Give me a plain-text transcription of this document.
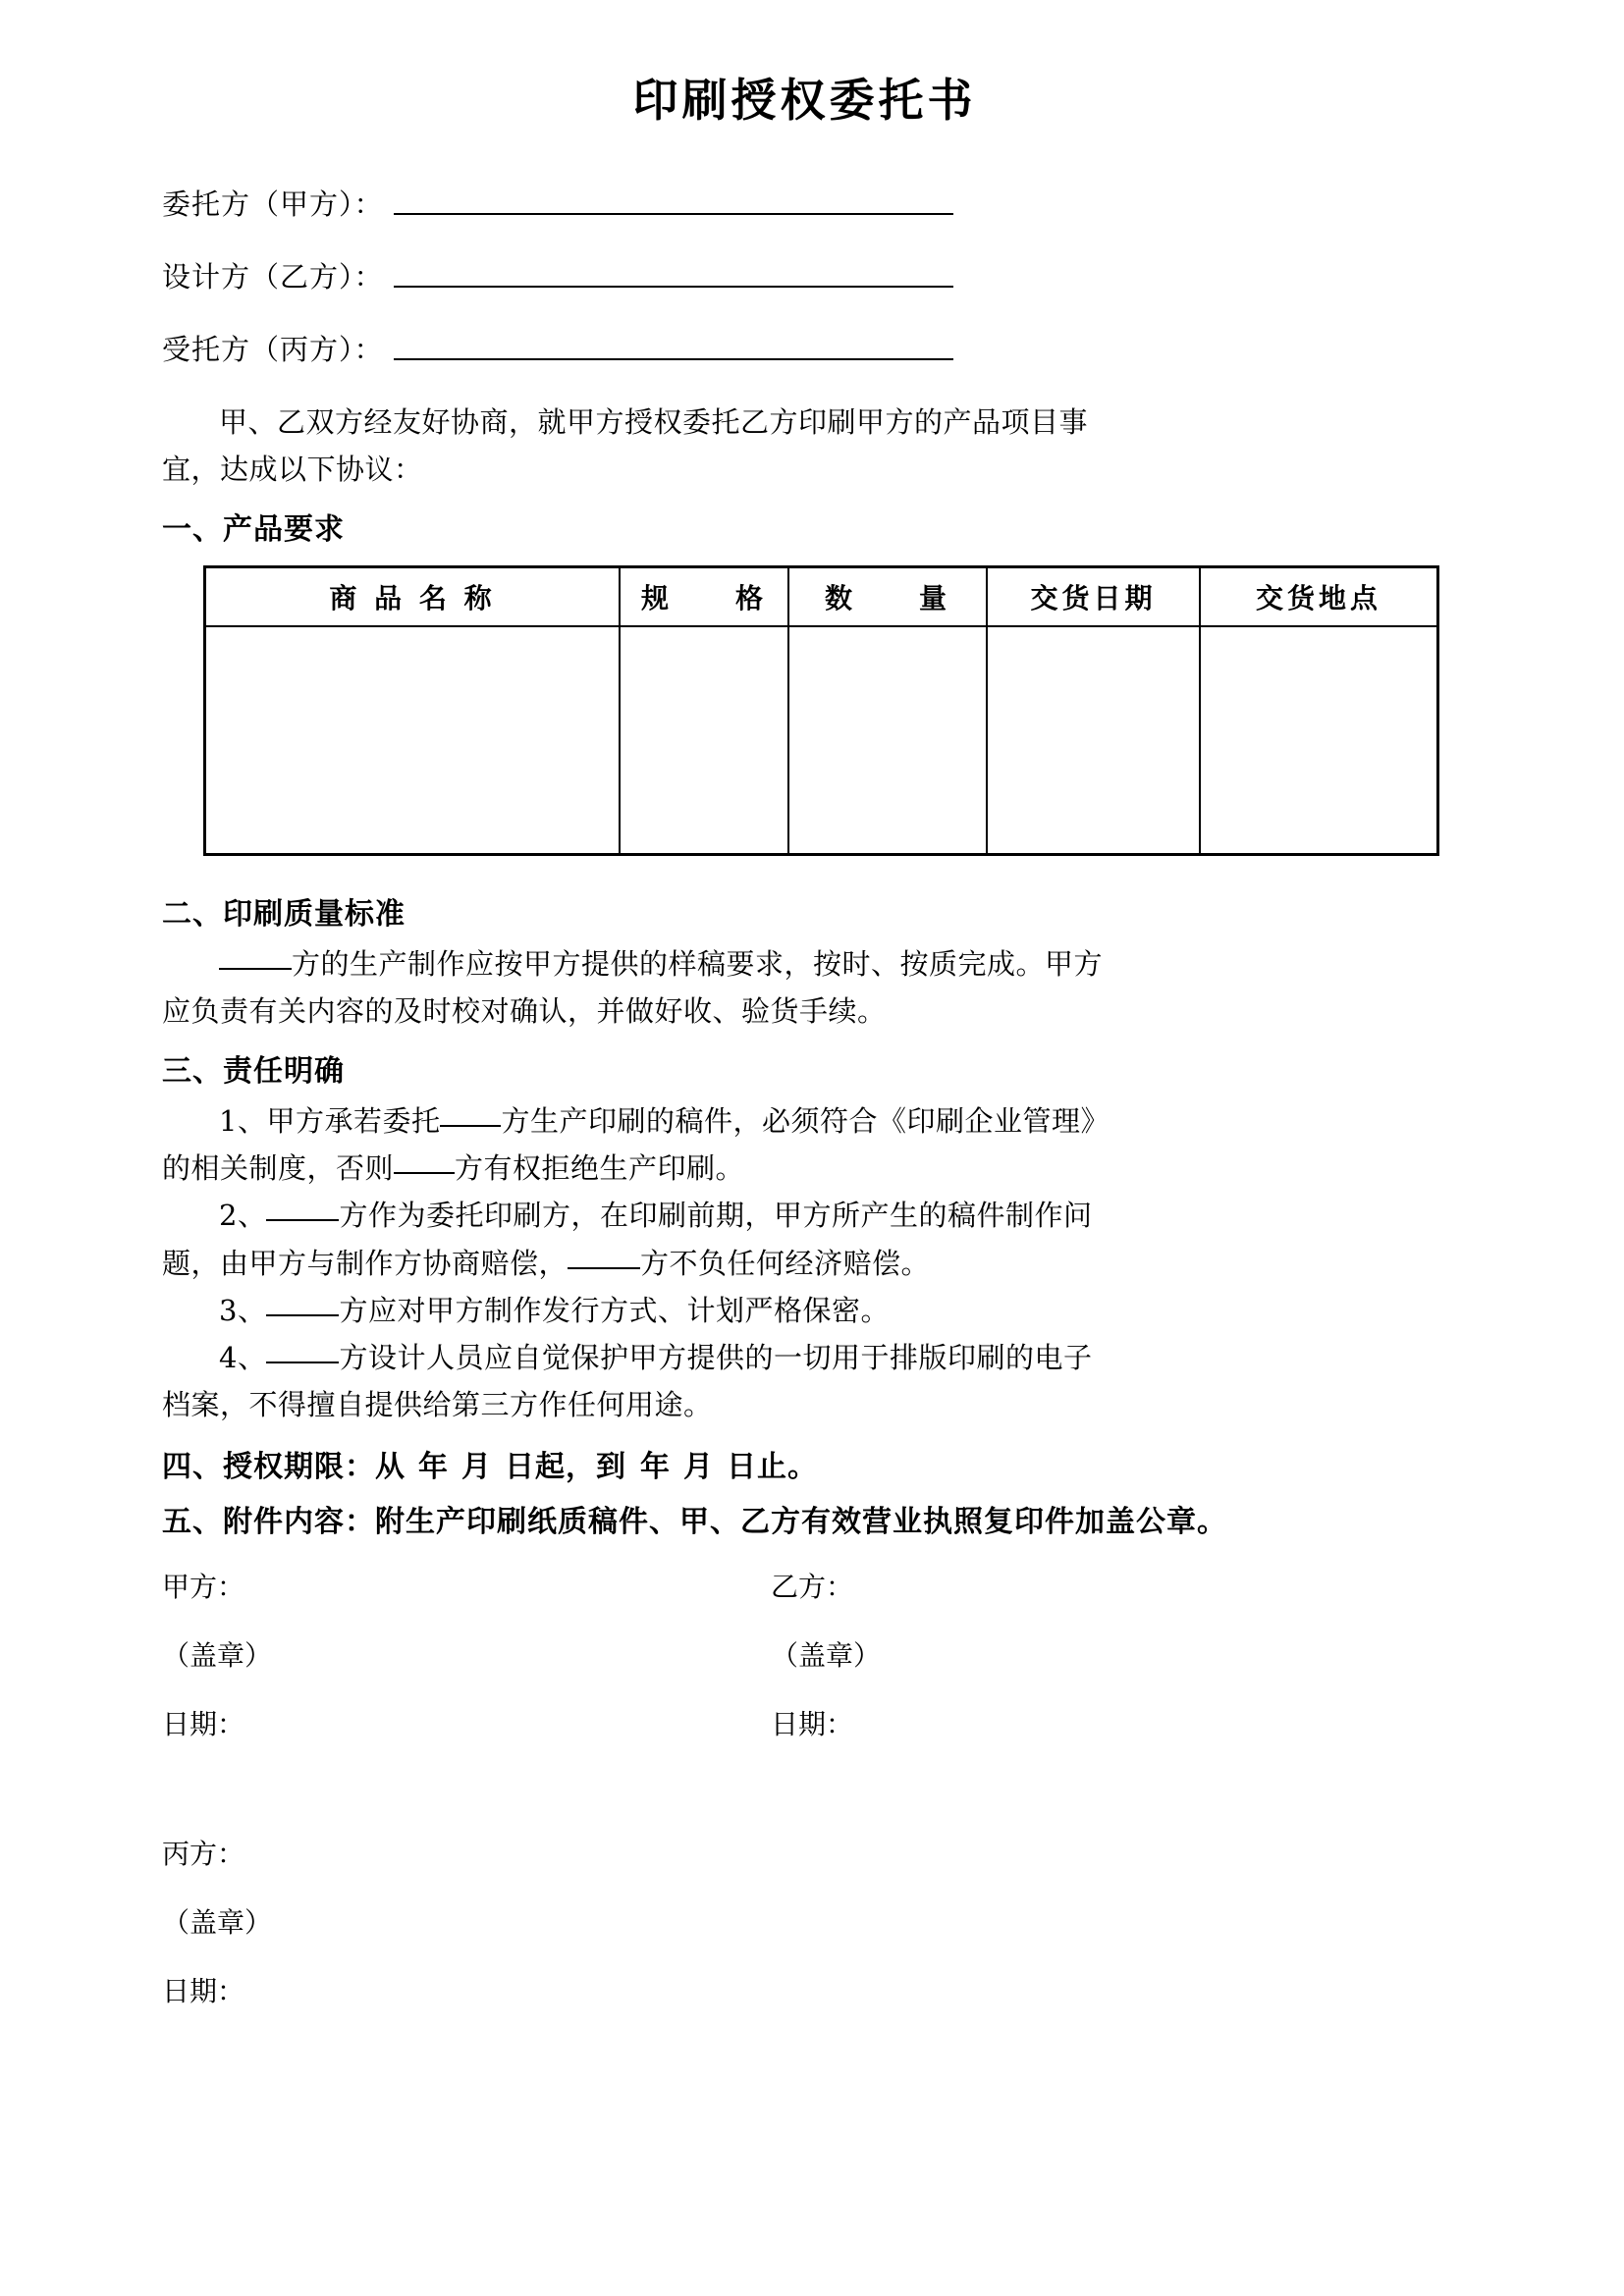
印刷授权委托书
委托方（甲方）：
设计方（乙方）：
受托方（丙方）：

甲、乙双方经友好协商，就甲方授权委托乙方印刷甲方的产品项目事

宜，达成以下协议：

一、产品要求
商 品 名 称	规　　格	数　　量	交货日期	交货地点

二、印刷质量标准

方的生产制作应按甲方提供的样稿要求，按时、按质完成。甲方

应负责有关内容的及时校对确认，并做好收、验货手续。

三、责任明确

1、甲方承若委托 方生产印刷的稿件，必须符合《印刷企业管理》

的相关制度，否则 方有权拒绝生产印刷。

2、	方作为委托印刷方，在印刷前期，甲方所产生的稿件制作问

题，由甲方与制作方协商赔偿，	方不负任何经济赔偿。

3、	方应对甲方制作发行方式、计划严格保密。

4、	方设计人员应自觉保护甲方提供的一切用于排版印刷的电子

档案，不得擅自提供给第三方作任何用途。

四、授权期限：从年月日起，到 年月日止。
五、附件内容：附生产印刷纸质稿件、甲、乙方有效营业执照复印件加盖公章。
甲方：	乙方：
（盖章）	（盖章）
日期：	日期：
丙方：
（盖章）
日期：
